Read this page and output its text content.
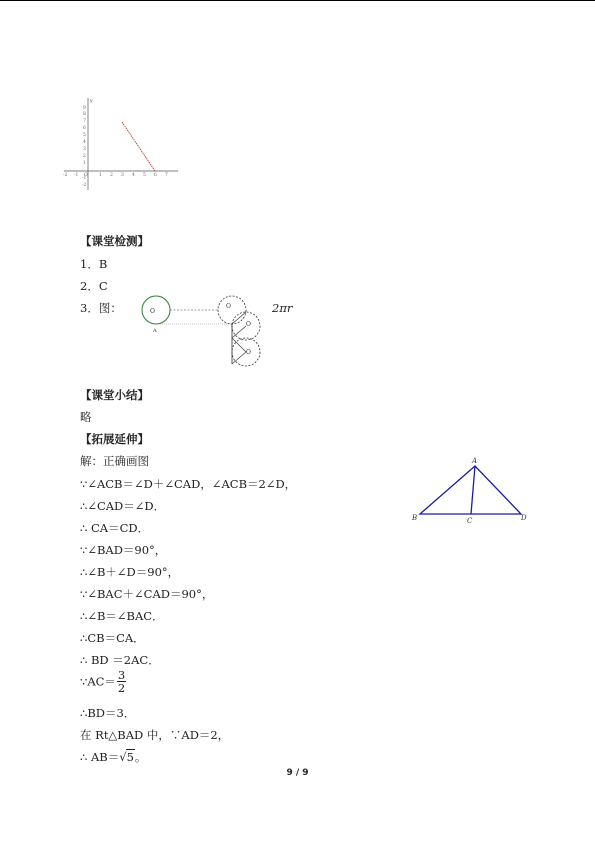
y
9
8
7
6
5
4
3
2
1
-1
-2
-2 -1 O	1 2 3 4 5 6 7
【课堂检测】
1．B
2．C
3．图：	O
A
O
O
O
2πr
【课堂小结】
略
【拓展延伸】
解：正确画图
∵∠ACB＝∠D＋∠CAD，∠ACB＝2∠D，
∴∠CAD＝∠D．
∴ CA＝CD．
∵∠BAD＝90°，
∴∠B＋∠D＝90°，
∵∠BAC＋∠CAD＝90°，
∴∠B＝∠BAC．
∴CB＝CA．
∴ BD ＝2AC．
∵AC＝ $\frac{3}{2}$
∴BD＝3．
在 Rt△BAD 中，∵AD＝2，
∴ AB＝√5。
A
B	C	D
9 / 9
